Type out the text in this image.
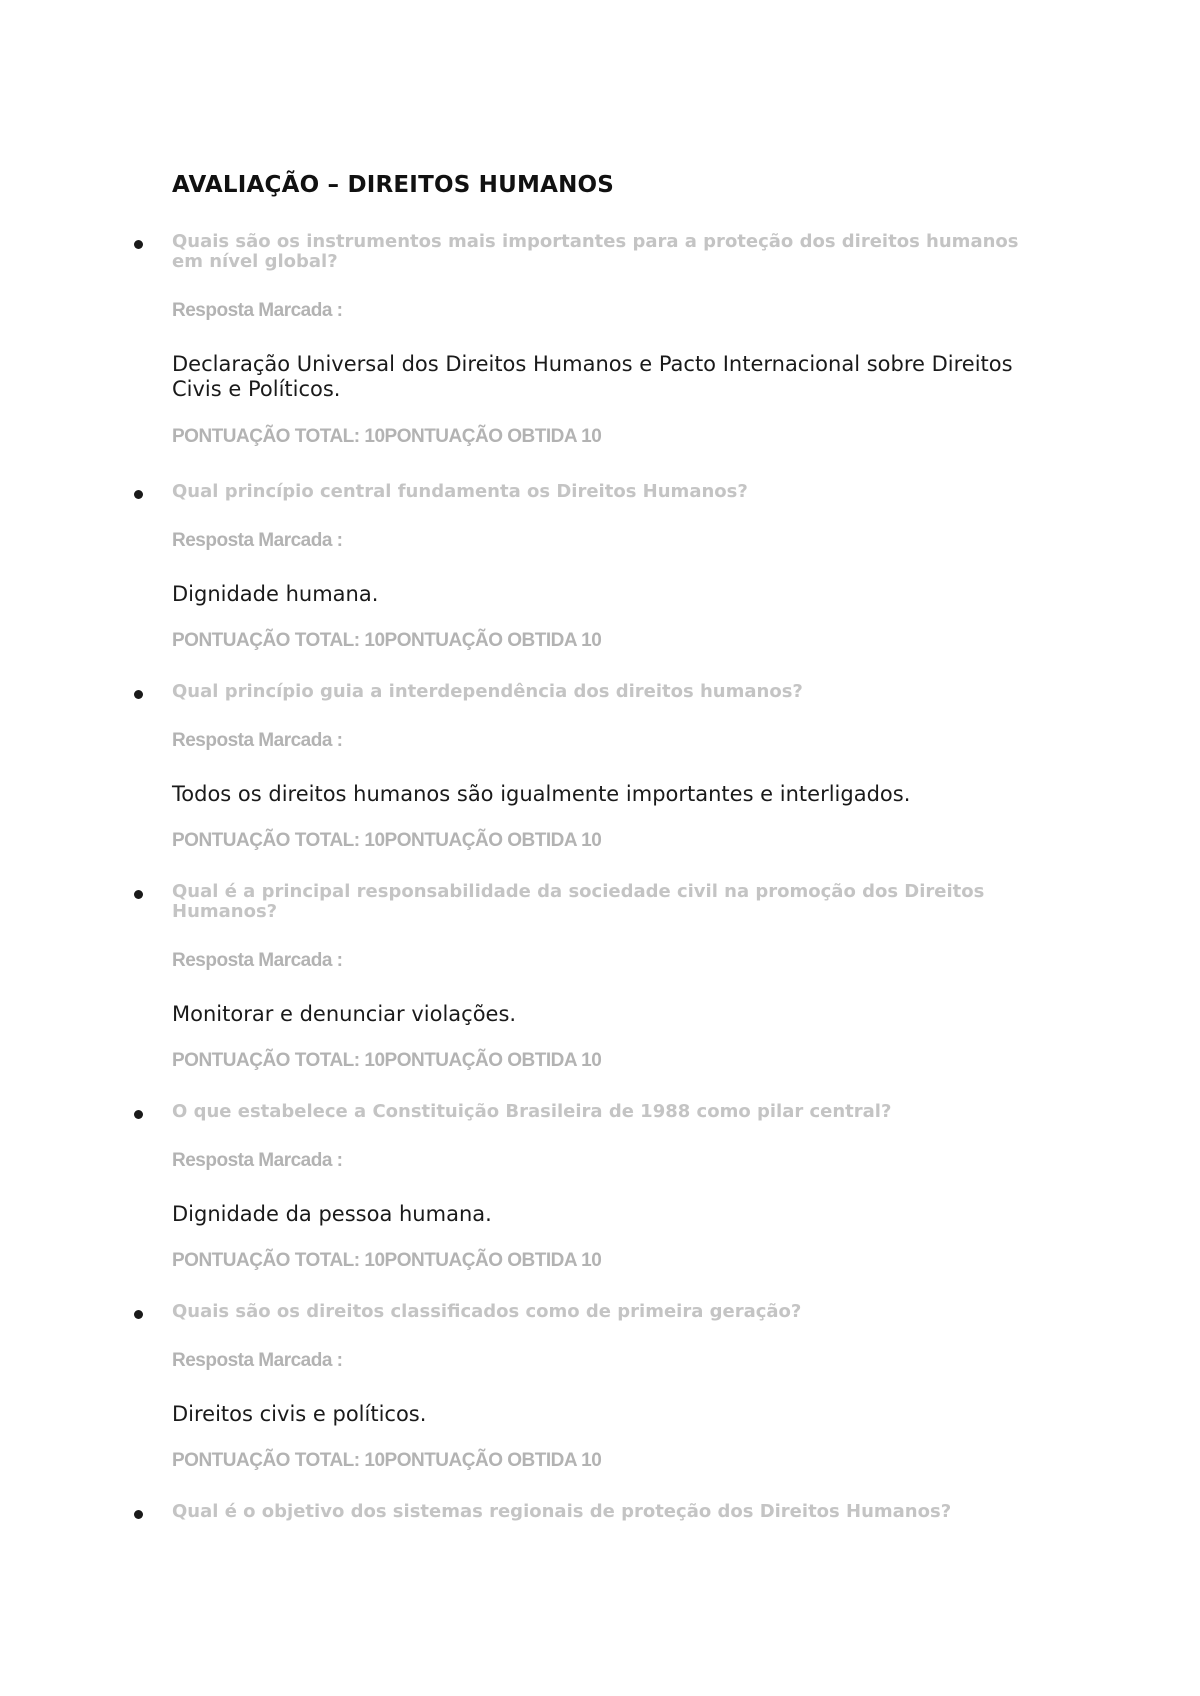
AVALIAÇÃO – DIREITOS HUMANOS

Quais são os instrumentos mais importantes para a proteção dos direitos humanos em nível global?

Resposta Marcada :

Declaração Universal dos Direitos Humanos e Pacto Internacional sobre Direitos Civis e Políticos.

PONTUAÇÃO TOTAL: 10PONTUAÇÃO OBTIDA 10

Qual princípio central fundamenta os Direitos Humanos?

Resposta Marcada :

Dignidade humana.

PONTUAÇÃO TOTAL: 10PONTUAÇÃO OBTIDA 10

Qual princípio guia a interdependência dos direitos humanos?

Resposta Marcada :

Todos os direitos humanos são igualmente importantes e interligados.

PONTUAÇÃO TOTAL: 10PONTUAÇÃO OBTIDA 10

Qual é a principal responsabilidade da sociedade civil na promoção dos Direitos Humanos?

Resposta Marcada :

Monitorar e denunciar violações.

PONTUAÇÃO TOTAL: 10PONTUAÇÃO OBTIDA 10

O que estabelece a Constituição Brasileira de 1988 como pilar central?

Resposta Marcada :

Dignidade da pessoa humana.

PONTUAÇÃO TOTAL: 10PONTUAÇÃO OBTIDA 10

Quais são os direitos classificados como de primeira geração?

Resposta Marcada :

Direitos civis e políticos.

PONTUAÇÃO TOTAL: 10PONTUAÇÃO OBTIDA 10

Qual é o objetivo dos sistemas regionais de proteção dos Direitos Humanos?
